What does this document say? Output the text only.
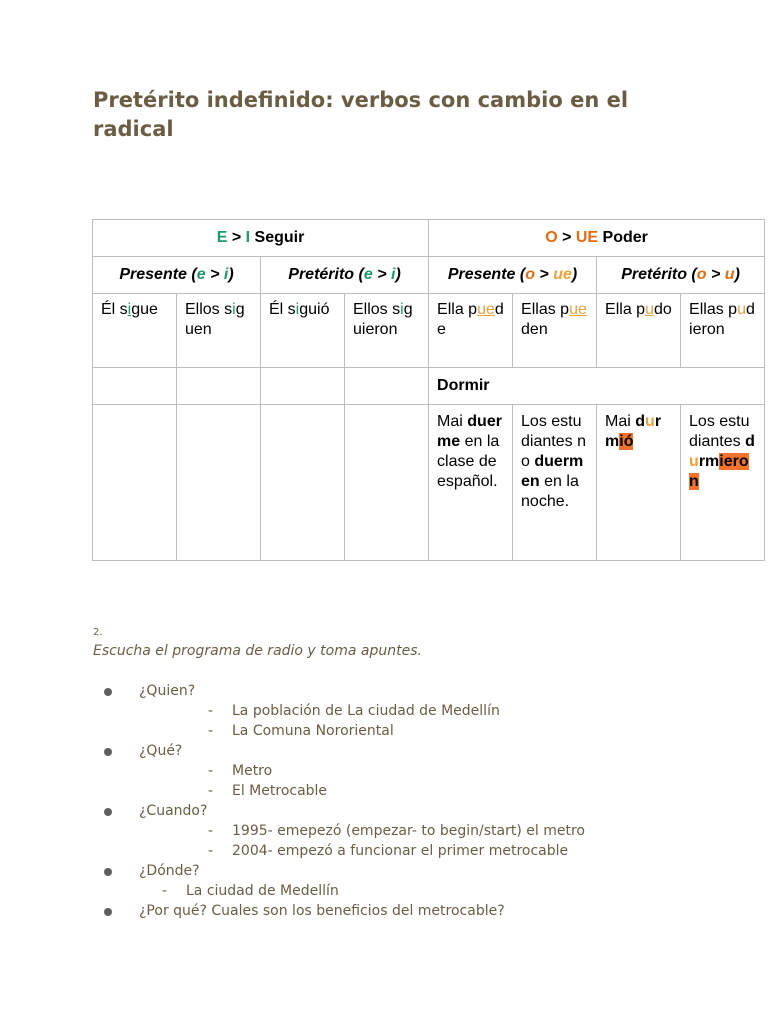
Pretérito indefinido: verbos con cambio en el radical
E > I Seguir				O > UE Poder			
Presente (e > i)		Pretérito (e > i)		Presente (o > ue)		Pretérito (o > u)	
Él sigue	Ellos siguen	Él siguió	Ellos siguieron	Ella puede	Ellas pueden	Ella pudo	Ellas pudieron
				Dormir			
				Mai duerme en la clase de español.	Los estudiantes no duermen en la noche.	Mai durmió	Los estudiantes durmieron
2.
Escucha el programa de radio y toma apuntes.
¿Quien?
- La población de La ciudad de Medellín
- La Comuna Nororiental
¿Qué?
- Metro
- El Metrocable
¿Cuando?
- 1995- emepezó (empezar- to begin/start) el metro
- 2004- empezó a funcionar el primer metrocable
¿Dónde?
- La ciudad de Medellín
¿Por qué? Cuales son los beneficios del metrocable?
